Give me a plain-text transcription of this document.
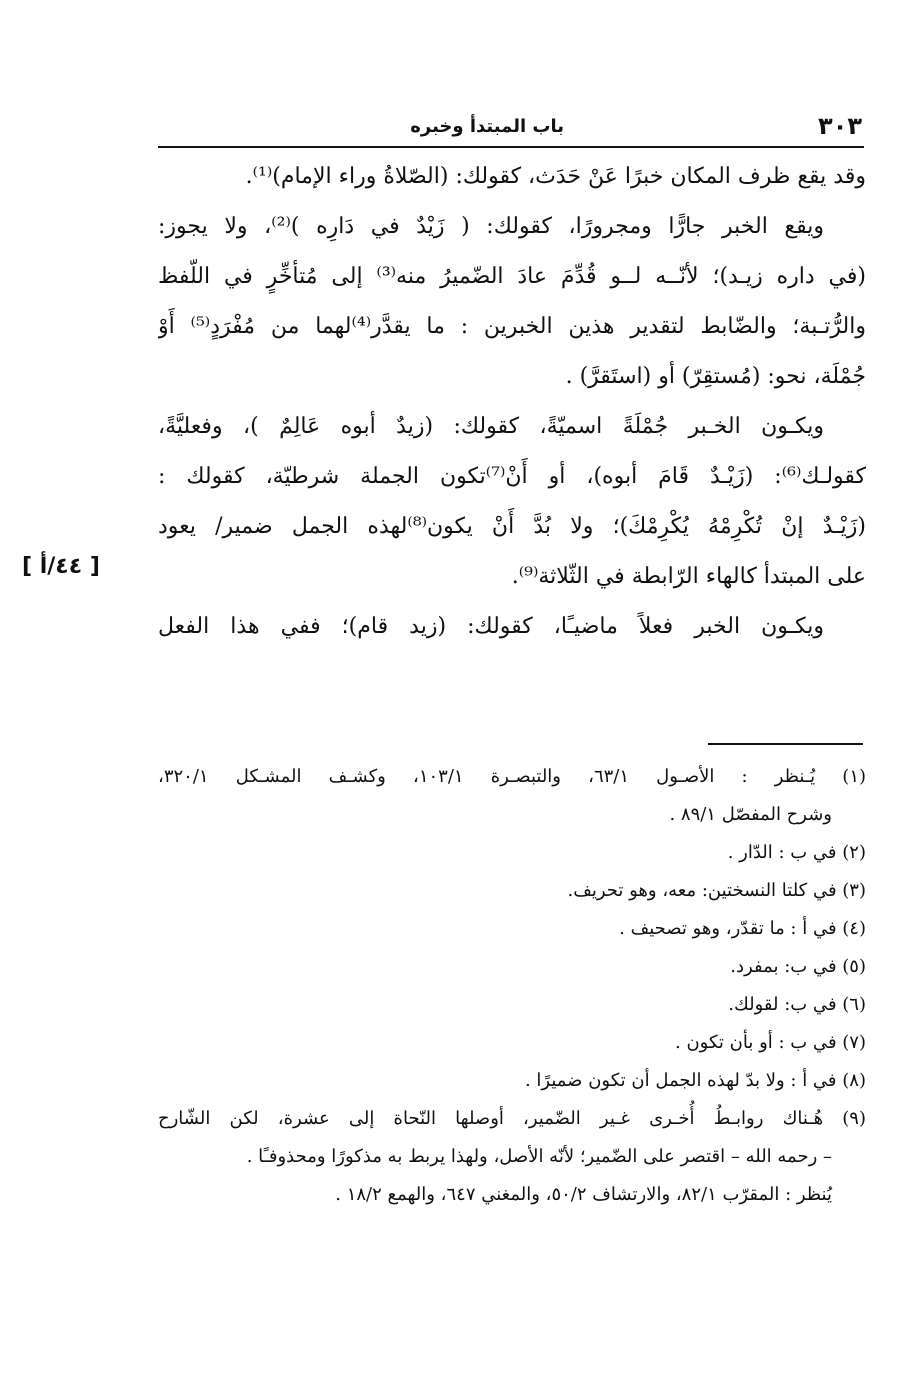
٣٠٣
باب المبتدأ وخبره
[ ٤٤/أ ]
وقد يقع ظرف المكان خبرًا عَنْ حَدَث، كقولك: (الصّلاةُ وراء الإمام)⁽¹⁾.
ويقع الخبر جارًّا ومجرورًا، كقولك: ( زَيْدٌ في دَارِه )⁽²⁾، ولا يجوز:
(في داره زيـد)؛ لأنّــه لــو قُدِّمَ عادَ الضّميرُ منه⁽³⁾ إلى مُتأخِّرٍ في اللّفظ
والرُّتـبة؛ والضّابط لتقدير هذين الخبرين : ما يقدَّر⁽⁴⁾لهما من مُفْرَدٍ⁽⁵⁾ أَوْ
جُمْلَة، نحو: (مُستقِرّ) أو (استَقرَّ) .
ويكـون الخـبر جُمْلَةً اسميّةً، كقولك: (زيدٌ أبوه عَالِمٌ )، وفعليَّةً،
كقولـك⁽⁶⁾: (زَيْـدٌ قَامَ أبوه)، أو أَنْ⁽⁷⁾تكون الجملة شرطيّة، كقولك :
(زَيْـدٌ إنْ تُكْرِمْهُ يُكْرِمْكَ)؛ ولا بُدَّ أَنْ يكون⁽⁸⁾لهذه الجمل ضمير/ يعود
على المبتدأ كالهاء الرّابطة في الثّلاثة⁽⁹⁾.
ويكـون الخبر فعلاً ماضيـًا، كقولك: (زيد قام)؛ ففي هذا الفعل
(١) يُـنظر : الأصـول ٦٣/١، والتبصـرة ١٠٣/١، وكشـف المشـكل ٣٢٠/١،
وشرح المفصّل ٨٩/١ .
(٢) في ب : الدّار .
(٣) في كلتا النسختين: معه، وهو تحريف.
(٤) في أ : ما تقدّر، وهو تصحيف .
(٥) في ب: بمفرد.
(٦) في ب: لقولك.
(٧) في ب : أو بأن تكون .
(٨) في أ : ولا بدّ لهذه الجمل أن تكون ضميرًا .
(٩) هُـناك روابـطُ أُخـرى غـير الضّمير، أوصلها النّحاة إلى عشرة، لكن الشّارح
– رحمه الله – اقتصر على الضّمير؛ لأنّه الأصل، ولهذا يربط به مذكورًا ومحذوفـًا .
يُنظر : المقرّب ٨٢/١، والارتشاف ٥٠/٢، والمغني ٦٤٧، والهمع ١٨/٢ .
